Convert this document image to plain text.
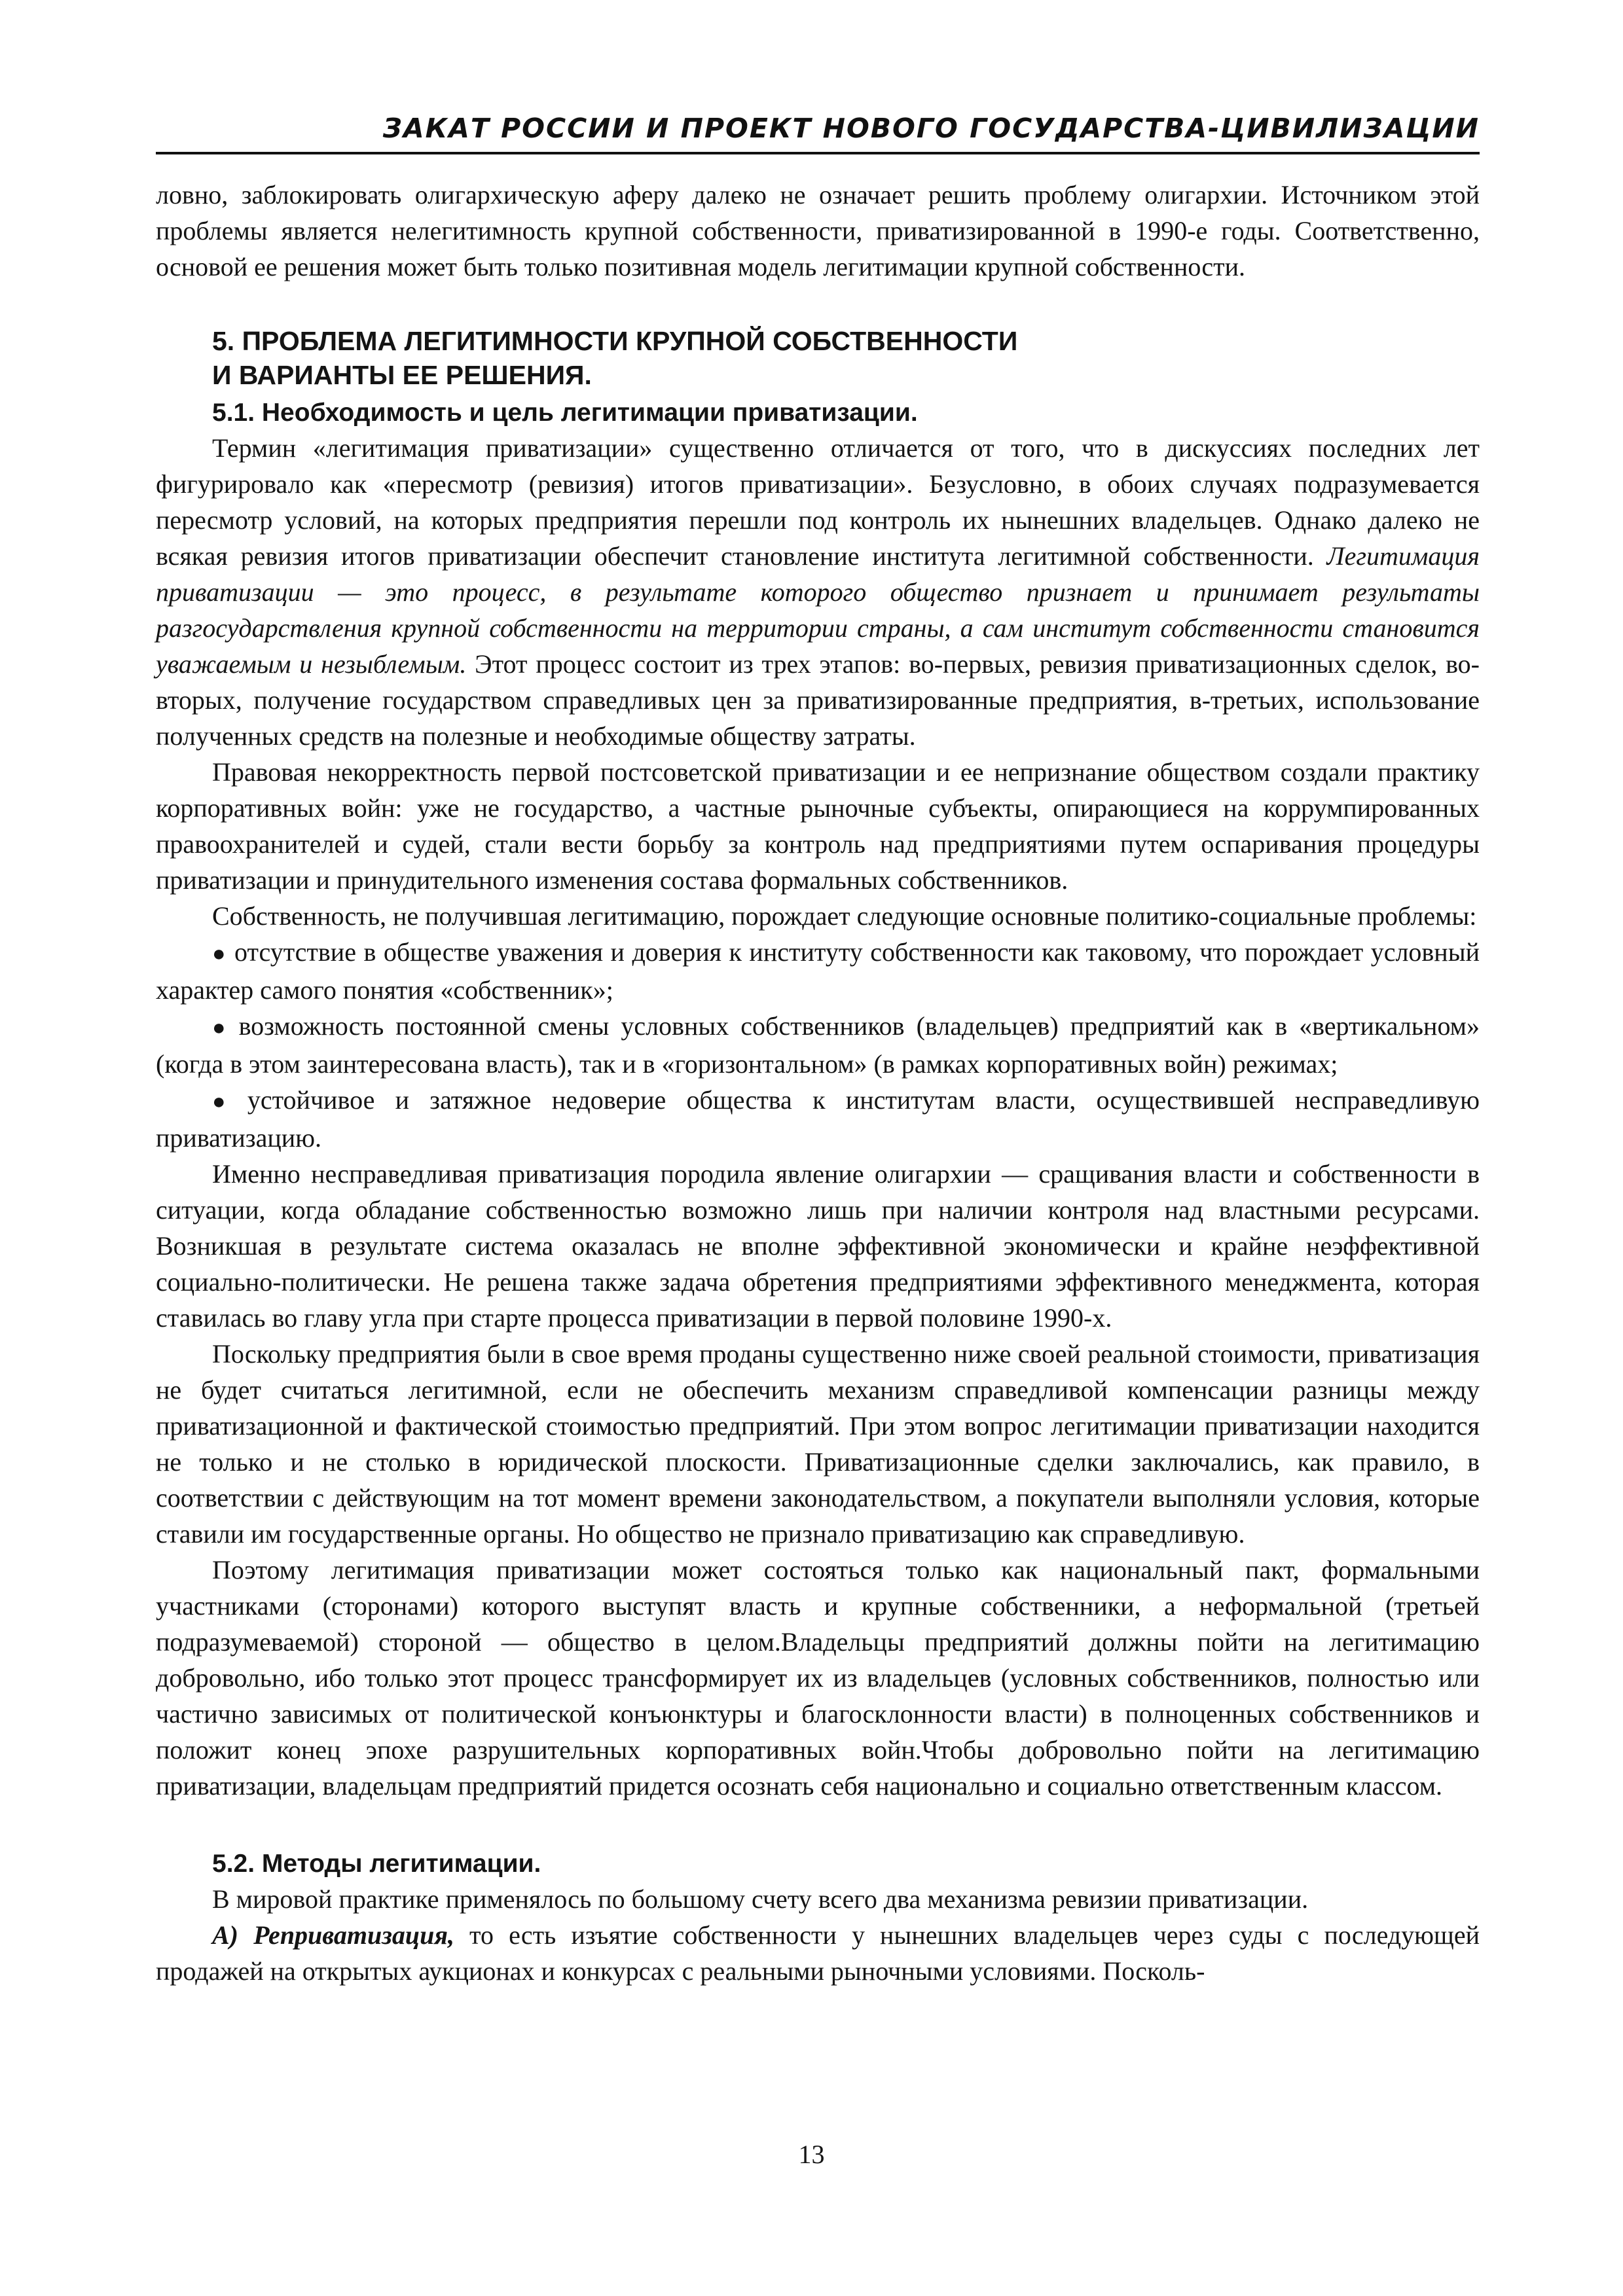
ЗАКАТ РОССИИ И ПРОЕКТ НОВОГО ГОСУДАРСТВА-ЦИВИЛИЗАЦИИ

ловно, заблокировать олигархическую аферу далеко не означает решить проблему олигархии. Источником этой проблемы является нелегитимность крупной собственности, приватизированной в 1990-е годы. Соответственно, основой ее решения может быть только позитивная модель легитимации крупной собственности.

5. ПРОБЛЕМА ЛЕГИТИМНОСТИ КРУПНОЙ СОБСТВЕННОСТИ
И ВАРИАНТЫ ЕЕ РЕШЕНИЯ.
5.1. Необходимость и цель легитимации приватизации.

Термин «легитимация приватизации» существенно отличается от того, что в дискуссиях последних лет фигурировало как «пересмотр (ревизия) итогов приватизации». Безусловно, в обоих случаях подразумевается пересмотр условий, на которых предприятия перешли под контроль их нынешних владельцев. Однако далеко не всякая ревизия итогов приватизации обеспечит становление института легитимной собственности. Легитимация приватизации — это процесс, в результате которого общество признает и принимает результаты разгосударствления крупной собственности на территории страны, а сам институт собственности становится уважаемым и незыблемым. Этот процесс состоит из трех этапов: во-первых, ревизия приватизационных сделок, во-вторых, получение государством справедливых цен за приватизированные предприятия, в-третьих, использование полученных средств на полезные и необходимые обществу затраты.

Правовая некорректность первой постсоветской приватизации и ее непризнание обществом создали практику корпоративных войн: уже не государство, а частные рыночные субъекты, опирающиеся на коррумпированных правоохранителей и судей, стали вести борьбу за контроль над предприятиями путем оспаривания процедуры приватизации и принудительного изменения состава формальных собственников.

Собственность, не получившая легитимацию, порождает следующие основные политико-социальные проблемы:

● отсутствие в обществе уважения и доверия к институту собственности как таковому, что порождает условный характер самого понятия «собственник»;

● возможность постоянной смены условных собственников (владельцев) предприятий как в «вертикальном» (когда в этом заинтересована власть), так и в «горизонтальном» (в рамках корпоративных войн) режимах;

● устойчивое и затяжное недоверие общества к институтам власти, осуществившей несправедливую приватизацию.

Именно несправедливая приватизация породила явление олигархии — сращивания власти и собственности в ситуации, когда обладание собственностью возможно лишь при наличии контроля над властными ресурсами. Возникшая в результате система оказалась не вполне эффективной экономически и крайне неэффективной социально-политически. Не решена также задача обретения предприятиями эффективного менеджмента, которая ставилась во главу угла при старте процесса приватизации в первой половине 1990-х.

Поскольку предприятия были в свое время проданы существенно ниже своей реальной стоимости, приватизация не будет считаться легитимной, если не обеспечить механизм справедливой компенсации разницы между приватизационной и фактической стоимостью предприятий. При этом вопрос легитимации приватизации находится не только и не столько в юридической плоскости. Приватизационные сделки заключались, как правило, в соответствии с действующим на тот момент времени законодательством, а покупатели выполняли условия, которые ставили им государственные органы. Но общество не признало приватизацию как справедливую.

Поэтому легитимация приватизации может состояться только как национальный пакт, формальными участниками (сторонами) которого выступят власть и крупные собственники, а неформальной (третьей подразумеваемой) стороной — общество в целом.Владельцы предприятий должны пойти на легитимацию добровольно, ибо только этот процесс трансформирует их из владельцев (условных собственников, полностью или частично зависимых от политической конъюнктуры и благосклонности власти) в полноценных собственников и положит конец эпохе разрушительных корпоративных войн.Чтобы добровольно пойти на легитимацию приватизации, владельцам предприятий придется осознать себя национально и социально ответственным классом.

5.2. Методы легитимации.

В мировой практике применялось по большому счету всего два механизма ревизии приватизации.

А) Реприватизация, то есть изъятие собственности у нынешних владельцев через суды с последующей продажей на открытых аукционах и конкурсах с реальными рыночными условиями. Посколь-

13
